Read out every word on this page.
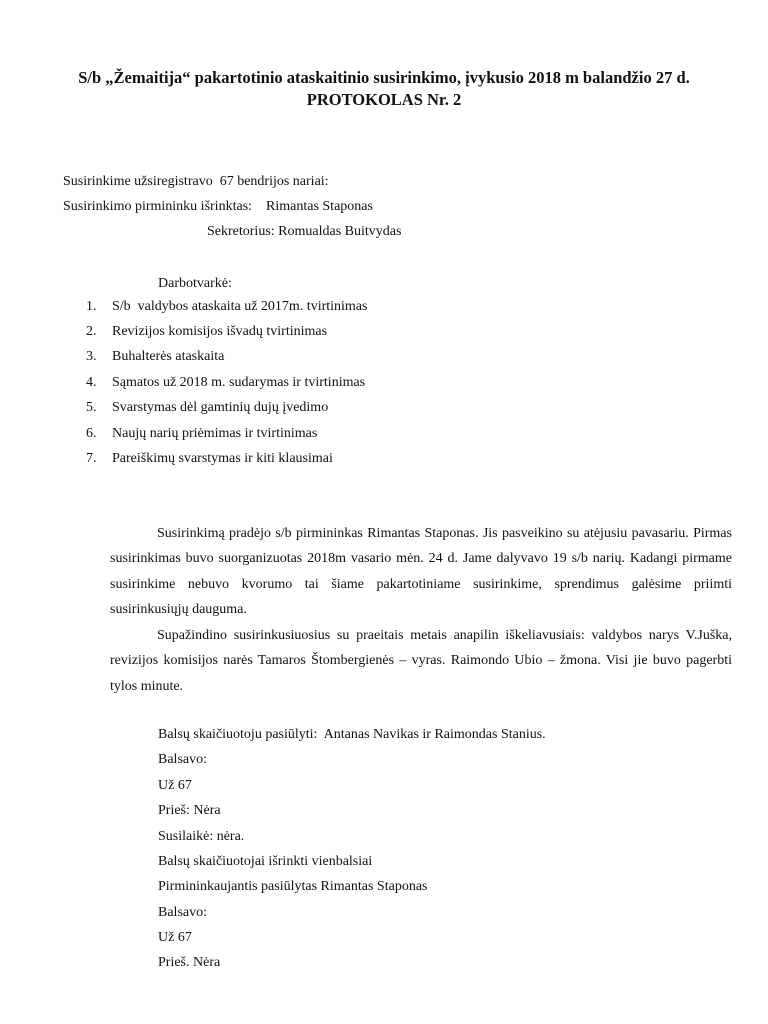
S/b „Žemaitija“ pakartotinio ataskaitinio susirinkimo, įvykusio 2018 m balandžio 27 d.
PROTOKOLAS Nr. 2
Susirinkime užsiregistravo  67 bendrijos nariai:
Susirinkimo pirmininku išrinktas:    Rimantas Staponas
Sekretorius: Romualdas Buitvydas
Darbotvarkė:
1. S/b  valdybos ataskaita už 2017m. tvirtinimas
2. Revizijos komisijos išvadų tvirtinimas
3. Buhalterės ataskaita
4. Sąmatos už 2018 m. sudarymas ir tvirtinimas
5. Svarstymas dėl gamtinių dujų įvedimo
6. Naujų narių priėmimas ir tvirtinimas
7. Pareiškimų svarstymas ir kiti klausimai

Susirinkimą pradėjo s/b pirmininkas Rimantas Staponas. Jis pasveikino su atėjusiu pavasariu. Pirmas susirinkimas buvo suorganizuotas 2018m vasario mėn. 24 d. Jame dalyvavo 19 s/b narių. Kadangi pirmame susirinkime nebuvo kvorumo tai šiame pakartotiniame susirinkime, sprendimus galėsime priimti susirinkusiųjų dauguma.

Supažindino susirinkusiuosius su praeitais metais anapilin iškeliavusiais: valdybos narys V.Juška, revizijos komisijos narės Tamaros Štombergienės – vyras. Raimondo Ubio – žmona. Visi jie buvo pagerbti tylos minute.

Balsų skaičiuotoju pasiūlyti:  Antanas Navikas ir Raimondas Stanius.
Balsavo:
Už 67
Prieš: Nėra
Susilaikė: nėra.
Balsų skaičiuotojai išrinkti vienbalsiai
Pirmininkaujantis pasiūlytas Rimantas Staponas
Balsavo:
Už 67
Prieš. Nėra
